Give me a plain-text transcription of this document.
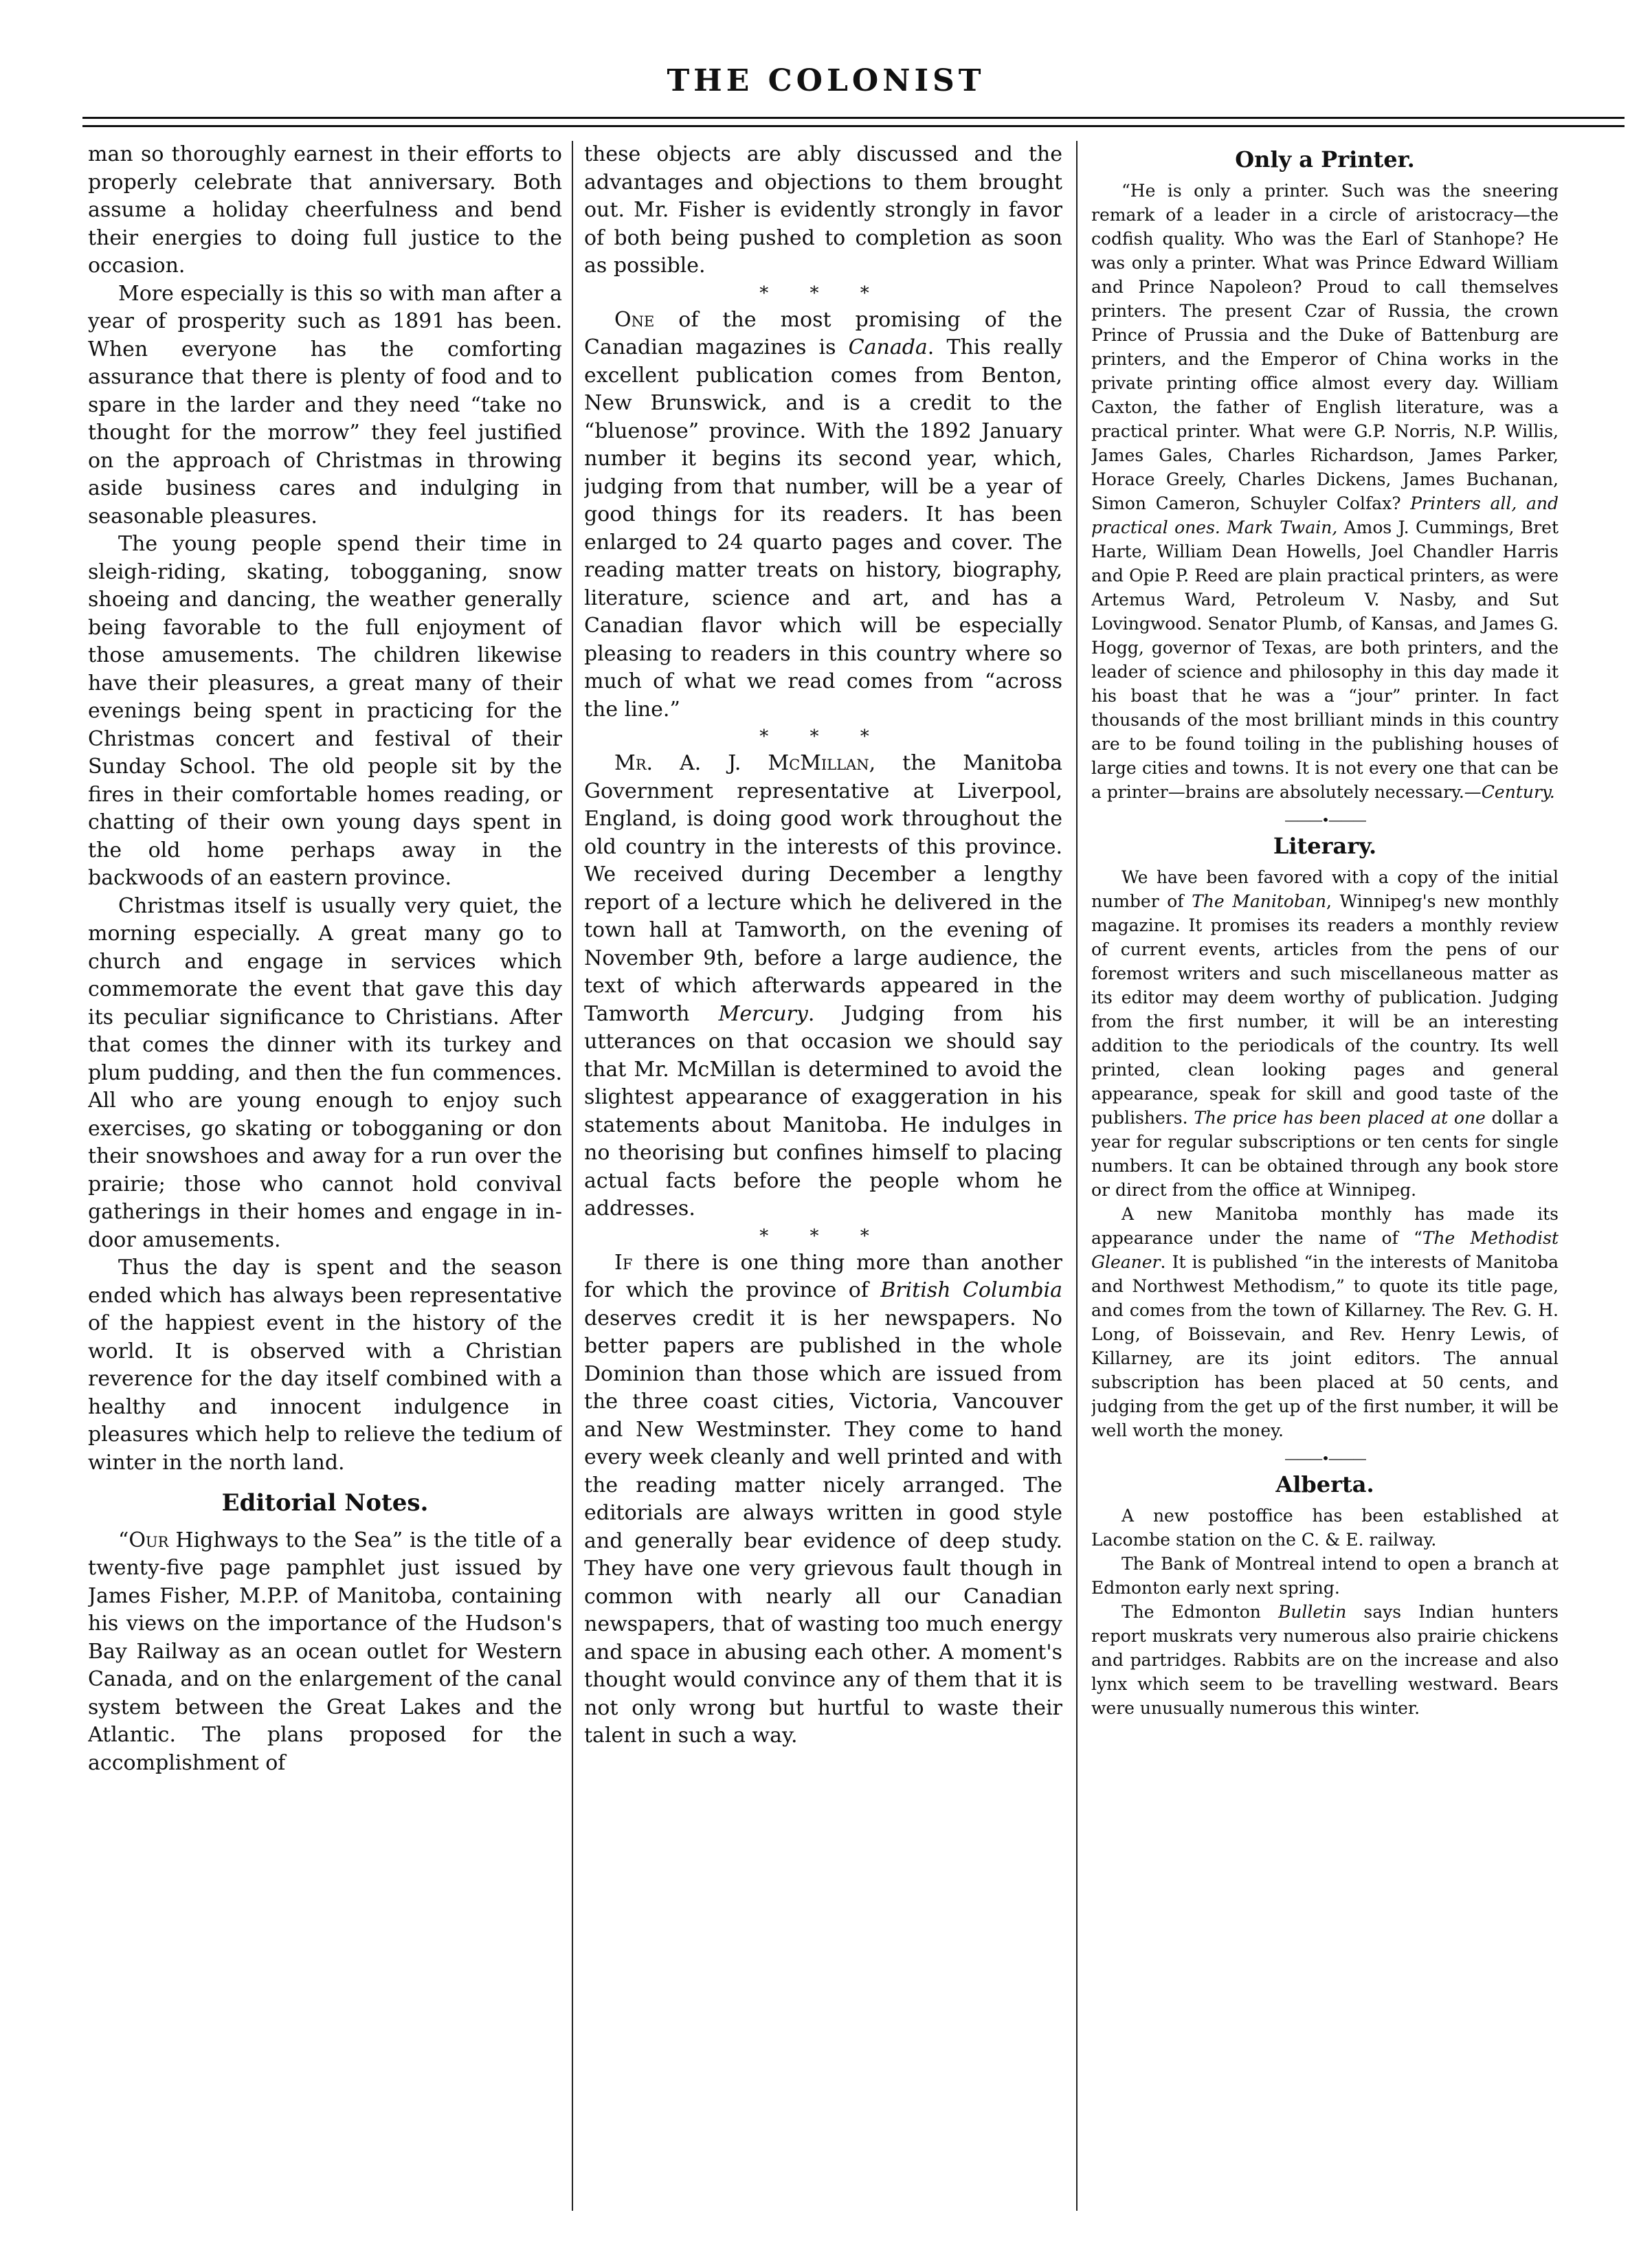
THE COLONIST

man so thoroughly earnest in their efforts to properly celebrate that anniversary. Both assume a holiday cheerfulness and bend their energies to doing full justice to the occasion.

More especially is this so with man after a year of prosperity such as 1891 has been. When everyone has the comforting assurance that there is plenty of food and to spare in the larder and they need “take no thought for the morrow” they feel justified on the approach of Christmas in throwing aside business cares and indulging in seasonable pleasures.

The young people spend their time in sleigh-riding, skating, tobogganing, snow shoeing and dancing, the weather generally being favorable to the full enjoyment of those amusements. The children likewise have their pleasures, a great many of their evenings being spent in practicing for the Christmas concert and festival of their Sunday School. The old people sit by the fires in their comfortable homes reading, or chatting of their own young days spent in the old home perhaps away in the backwoods of an eastern province.

Christmas itself is usually very quiet, the morning especially. A great many go to church and engage in services which commemorate the event that gave this day its peculiar significance to Christians. After that comes the dinner with its turkey and plum pudding, and then the fun commences. All who are young enough to enjoy such exercises, go skating or tobogganing or don their snowshoes and away for a run over the prairie; those who cannot hold convival gatherings in their homes and engage in in-door amusements.

Thus the day is spent and the season ended which has always been representative of the happiest event in the history of the world. It is observed with a Christian reverence for the day itself combined with a healthy and innocent indulgence in pleasures which help to relieve the tedium of winter in the north land.

Editorial Notes.

“Our Highways to the Sea” is the title of a twenty-five page pamphlet just issued by James Fisher, M.P.P. of Manitoba, containing his views on the importance of the Hudson's Bay Railway as an ocean outlet for Western Canada, and on the enlargement of the canal system between the Great Lakes and the Atlantic. The plans proposed for the accomplishment of

these objects are ably discussed and the advantages and objections to them brought out. Mr. Fisher is evidently strongly in favor of both being pushed to completion as soon as possible.

* * *

One of the most promising of the Canadian magazines is Canada. This really excellent publication comes from Benton, New Brunswick, and is a credit to the “bluenose” province. With the 1892 January number it begins its second year, which, judging from that number, will be a year of good things for its readers. It has been enlarged to 24 quarto pages and cover. The reading matter treats on history, biography, literature, science and art, and has a Canadian flavor which will be especially pleasing to readers in this country where so much of what we read comes from “across the line.”

* * *

Mr. A. J. McMillan, the Manitoba Government representative at Liverpool, England, is doing good work throughout the old country in the interests of this province. We received during December a lengthy report of a lecture which he delivered in the town hall at Tamworth, on the evening of November 9th, before a large audience, the text of which afterwards appeared in the Tamworth Mercury. Judging from his utterances on that occasion we should say that Mr. McMillan is determined to avoid the slightest appearance of exaggeration in his statements about Manitoba. He indulges in no theorising but confines himself to placing actual facts before the people whom he addresses.

* * *

If there is one thing more than another for which the province of British Columbia deserves credit it is her newspapers. No better papers are published in the whole Dominion than those which are issued from the three coast cities, Victoria, Vancouver and New Westminster. They come to hand every week cleanly and well printed and with the reading matter nicely arranged. The editorials are always written in good style and generally bear evidence of deep study. They have one very grievous fault though in common with nearly all our Canadian newspapers, that of wasting too much energy and space in abusing each other. A moment's thought would convince any of them that it is not only wrong but hurtful to waste their talent in such a way.

Only a Printer.

“He is only a printer. Such was the sneering remark of a leader in a circle of aristocracy—the codfish quality. Who was the Earl of Stanhope? He was only a printer. What was Prince Edward William and Prince Napoleon? Proud to call themselves printers. The present Czar of Russia, the crown Prince of Prussia and the Duke of Battenburg are printers, and the Emperor of China works in the private printing office almost every day. William Caxton, the father of English literature, was a practical printer. What were G.P. Norris, N.P. Willis, James Gales, Charles Richardson, James Parker, Horace Greely, Charles Dickens, James Buchanan, Simon Cameron, Schuyler Colfax? Printers all, and practical ones. Mark Twain, Amos J. Cummings, Bret Harte, William Dean Howells, Joel Chandler Harris and Opie P. Reed are plain practical printers, as were Artemus Ward, Petroleum V. Nasby, and Sut Lovingwood. Senator Plumb, of Kansas, and James G. Hogg, governor of Texas, are both printers, and the leader of science and philosophy in this day made it his boast that he was a “jour” printer. In fact thousands of the most brilliant minds in this country are to be found toiling in the publishing houses of large cities and towns. It is not every one that can be a printer—brains are absolutely necessary.—Century.

———•———
Literary.

We have been favored with a copy of the initial number of The Manitoban, Winnipeg's new monthly magazine. It promises its readers a monthly review of current events, articles from the pens of our foremost writers and such miscellaneous matter as its editor may deem worthy of publication. Judging from the first number, it will be an interesting addition to the periodicals of the country. Its well printed, clean looking pages and general appearance, speak for skill and good taste of the publishers. The price has been placed at one dollar a year for regular subscriptions or ten cents for single numbers. It can be obtained through any book store or direct from the office at Winnipeg.

A new Manitoba monthly has made its appearance under the name of “The Methodist Gleaner. It is published “in the interests of Manitoba and Northwest Methodism,” to quote its title page, and comes from the town of Killarney. The Rev. G. H. Long, of Boissevain, and Rev. Henry Lewis, of Killarney, are its joint editors. The annual subscription has been placed at 50 cents, and judging from the get up of the first number, it will be well worth the money.

———•———
Alberta.

A new postoffice has been established at Lacombe station on the C. & E. railway.

The Bank of Montreal intend to open a branch at Edmonton early next spring.

The Edmonton Bulletin says Indian hunters report muskrats very numerous also prairie chickens and partridges. Rabbits are on the increase and also lynx which seem to be travelling westward. Bears were unusually numerous this winter.
